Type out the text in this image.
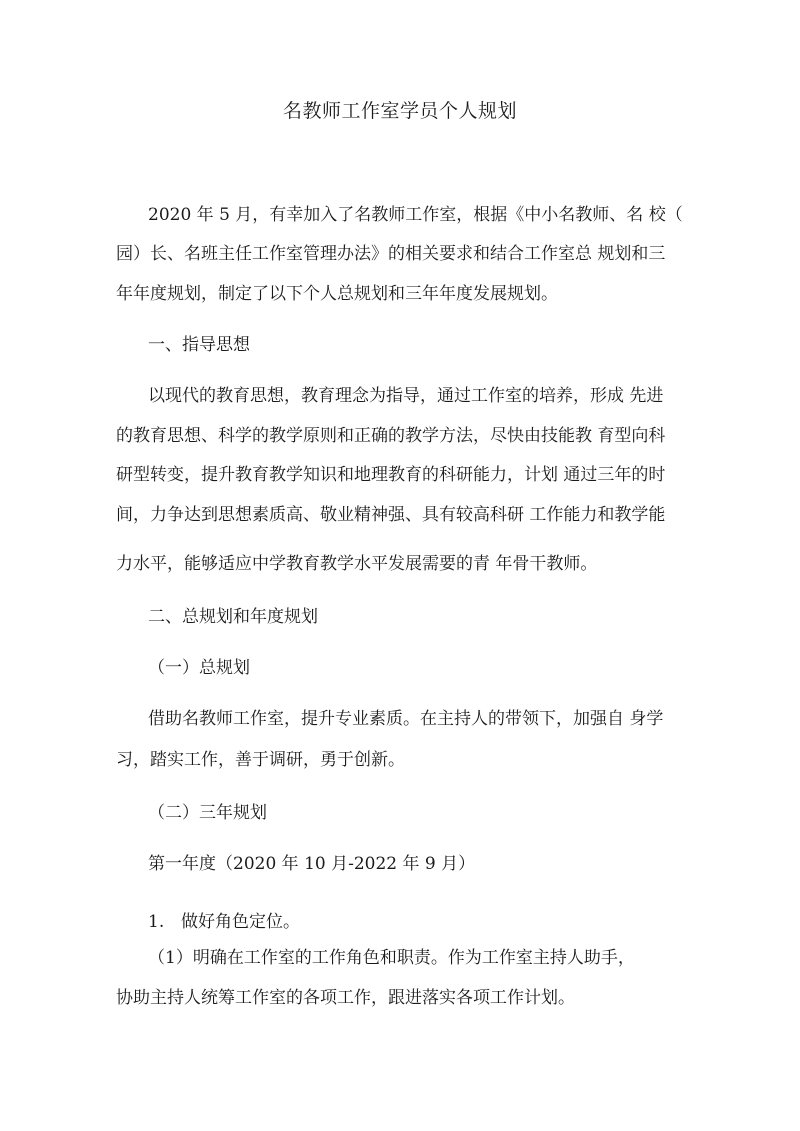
名教师工作室学员个人规划
2020 年 5 月，有幸加入了名教师工作室，根据《中小名教师、名 校（
园）长、名班主任工作室管理办法》的相关要求和结合工作室总 规划和三
年年度规划，制定了以下个人总规划和三年年度发展规划。
一、指导思想
以现代的教育思想，教育理念为指导，通过工作室的培养，形成 先进
的教育思想、科学的教学原则和正确的教学方法，尽快由技能教 育型向科
研型转变，提升教育教学知识和地理教育的科研能力，计划 通过三年的时
间，力争达到思想素质高、敬业精神强、具有较高科研 工作能力和教学能
力水平，能够适应中学教育教学水平发展需要的青 年骨干教师。
二、总规划和年度规划
（一）总规划
借助名教师工作室，提升专业素质。在主持人的带领下，加强自 身学
习，踏实工作，善于调研，勇于创新。
（二）三年规划
第一年度（2020 年 10 月-2022 年 9 月）
1. 做好角色定位。
（1）明确在工作室的工作角色和职责。作为工作室主持人助手，
协助主持人统筹工作室的各项工作，跟进落实各项工作计划。
